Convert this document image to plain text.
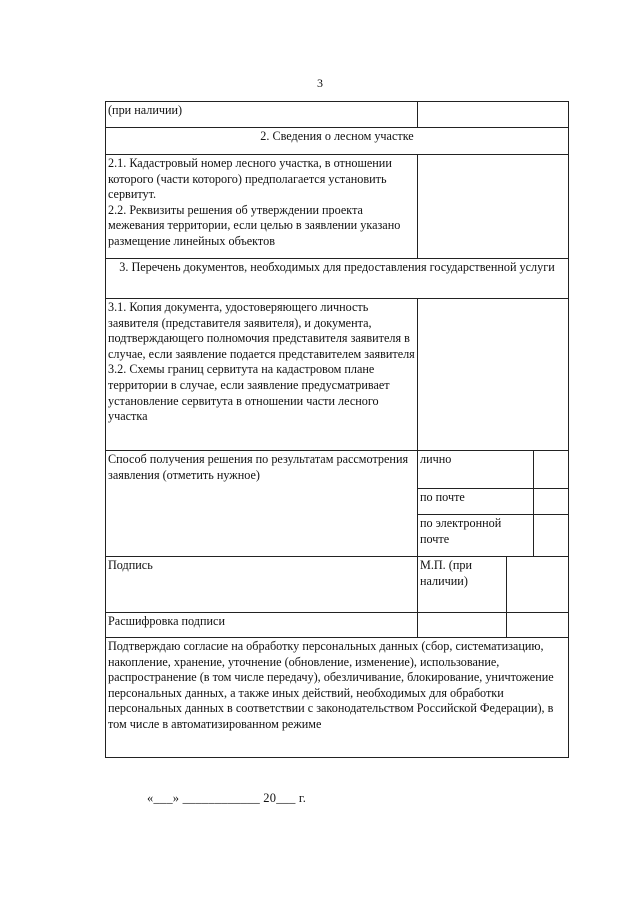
3
(при наличии)			
2. Сведения о лесном участке			
2.1. Кадастровый номер лесного участка, в отношении которого (части которого) предполагается установить сервитут.
2.2. Реквизиты решения об утверждении проекта межевания территории, если целью в заявлении указано размещение линейных объектов			
3. Перечень документов, необходимых для предоставления государственной услуги			
3.1. Копия документа, удостоверяющего личность заявителя (представителя заявителя), и документа, подтверждающего полномочия представителя заявителя в случае, если заявление подается представителем заявителя
3.2. Схемы границ сервитута на кадастровом плане территории в случае, если заявление предусматривает установление сервитута в отношении части лесного участка			
Способ получения решения по результатам рассмотрения заявления (отметить нужное)	лично		
	по почте		
	по электронной почте		
Подпись	М.П. (при наличии)		
Расшифровка подписи			
Подтверждаю согласие на обработку персональных данных (сбор, систематизацию, накопление, хранение, уточнение (обновление, изменение), использование, распространение (в том числе передачу), обезличивание, блокирование, уничтожение персональных данных, а также иных действий, необходимых для обработки персональных данных в соответствии с законодательством Российской Федерации), в том числе в автоматизированном режиме			
«___» ____________ 20___ г.
